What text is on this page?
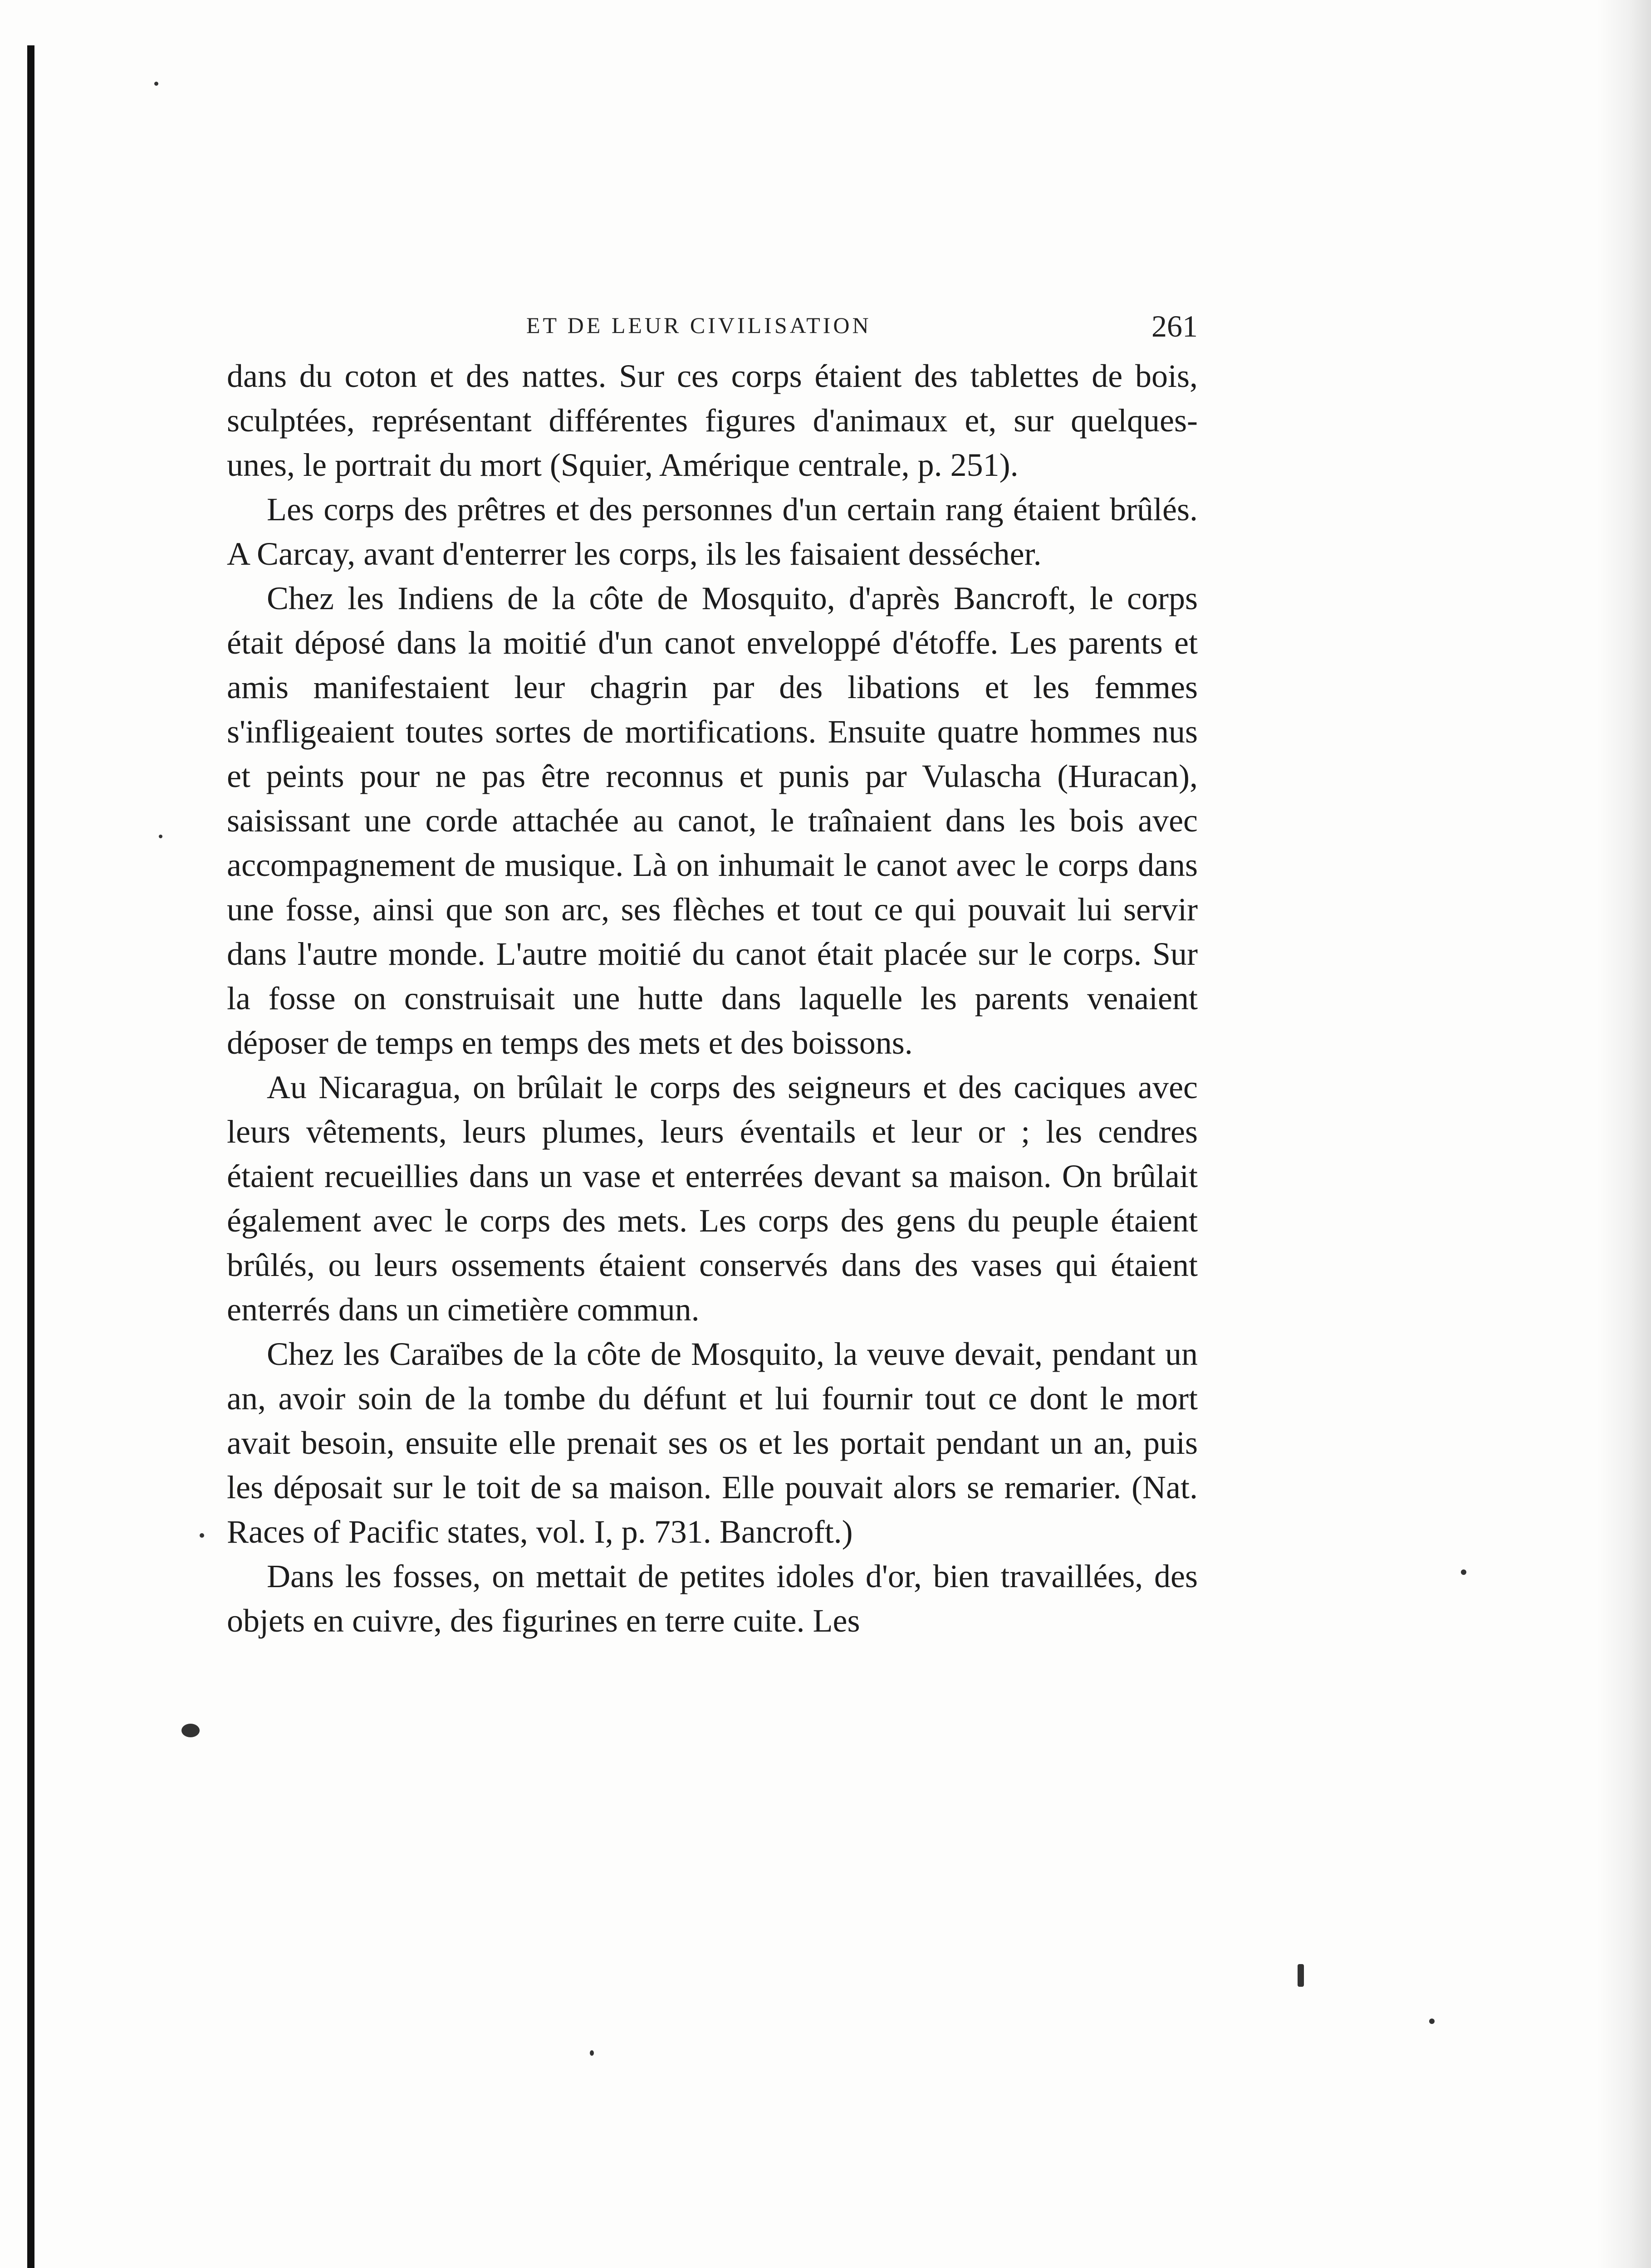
ET DE LEUR CIVILISATION	261

dans du coton et des nattes. Sur ces corps étaient des tablettes de bois, sculptées, représentant différentes figures d'animaux et, sur quelques-unes, le portrait du mort (Squier, Amérique centrale, p. 251).

Les corps des prêtres et des personnes d'un certain rang étaient brûlés. A Carcay, avant d'enterrer les corps, ils les faisaient dessécher.

Chez les Indiens de la côte de Mosquito, d'après Bancroft, le corps était déposé dans la moitié d'un canot enveloppé d'étoffe. Les parents et amis manifestaient leur chagrin par des libations et les femmes s'infligeaient toutes sortes de mortifications. Ensuite quatre hommes nus et peints pour ne pas être reconnus et punis par Vulascha (Huracan), saisissant une corde attachée au canot, le traînaient dans les bois avec accompagnement de musique. Là on inhumait le canot avec le corps dans une fosse, ainsi que son arc, ses flèches et tout ce qui pouvait lui servir dans l'autre monde. L'autre moitié du canot était placée sur le corps. Sur la fosse on construisait une hutte dans laquelle les parents venaient déposer de temps en temps des mets et des boissons.

Au Nicaragua, on brûlait le corps des seigneurs et des caciques avec leurs vêtements, leurs plumes, leurs éventails et leur or ; les cendres étaient recueillies dans un vase et enterrées devant sa maison. On brûlait également avec le corps des mets. Les corps des gens du peuple étaient brûlés, ou leurs ossements étaient conservés dans des vases qui étaient enterrés dans un cimetière commun.

Chez les Caraïbes de la côte de Mosquito, la veuve devait, pendant un an, avoir soin de la tombe du défunt et lui fournir tout ce dont le mort avait besoin, ensuite elle prenait ses os et les portait pendant un an, puis les déposait sur le toit de sa maison. Elle pouvait alors se remarier. (Nat. Races of Pacific states, vol. I, p. 731. Bancroft.)

Dans les fosses, on mettait de petites idoles d'or, bien travaillées, des objets en cuivre, des figurines en terre cuite. Les
